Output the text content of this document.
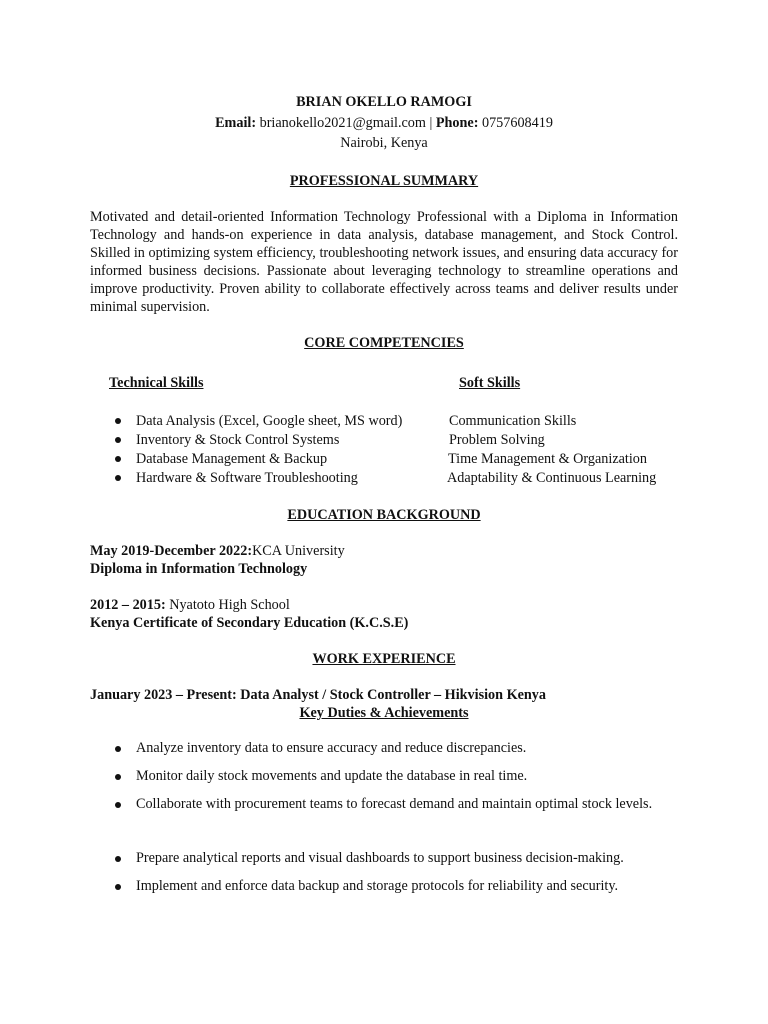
BRIAN OKELLO RAMOGI
Email: brianokello2021@gmail.com | Phone: 0757608419
Nairobi, Kenya
PROFESSIONAL SUMMARY
Motivated and detail-oriented Information Technology Professional with a Diploma in Information Technology and hands-on experience in data analysis, database management, and Stock Control. Skilled in optimizing system efficiency, troubleshooting network issues, and ensuring data accuracy for informed business decisions. Passionate about leveraging technology to streamline operations and improve productivity. Proven ability to collaborate effectively across teams and deliver results under minimal supervision.
CORE COMPETENCIES
Technical Skills	Soft Skills
Data Analysis (Excel, Google sheet, MS word)	Communication Skills
Inventory & Stock Control Systems	Problem Solving
Database Management & Backup	Time Management & Organization
Hardware & Software Troubleshooting	Adaptability & Continuous Learning
EDUCATION BACKGROUND
May 2019-December 2022:KCA University
Diploma in Information Technology
2012 – 2015: Nyatoto High School
Kenya Certificate of Secondary Education (K.C.S.E)
WORK EXPERIENCE
January 2023 – Present: Data Analyst / Stock Controller – Hikvision Kenya
Key Duties & Achievements
Analyze inventory data to ensure accuracy and reduce discrepancies.
Monitor daily stock movements and update the database in real time.
Collaborate with procurement teams to forecast demand and maintain optimal stock levels.
Prepare analytical reports and visual dashboards to support business decision-making.
Implement and enforce data backup and storage protocols for reliability and security.
